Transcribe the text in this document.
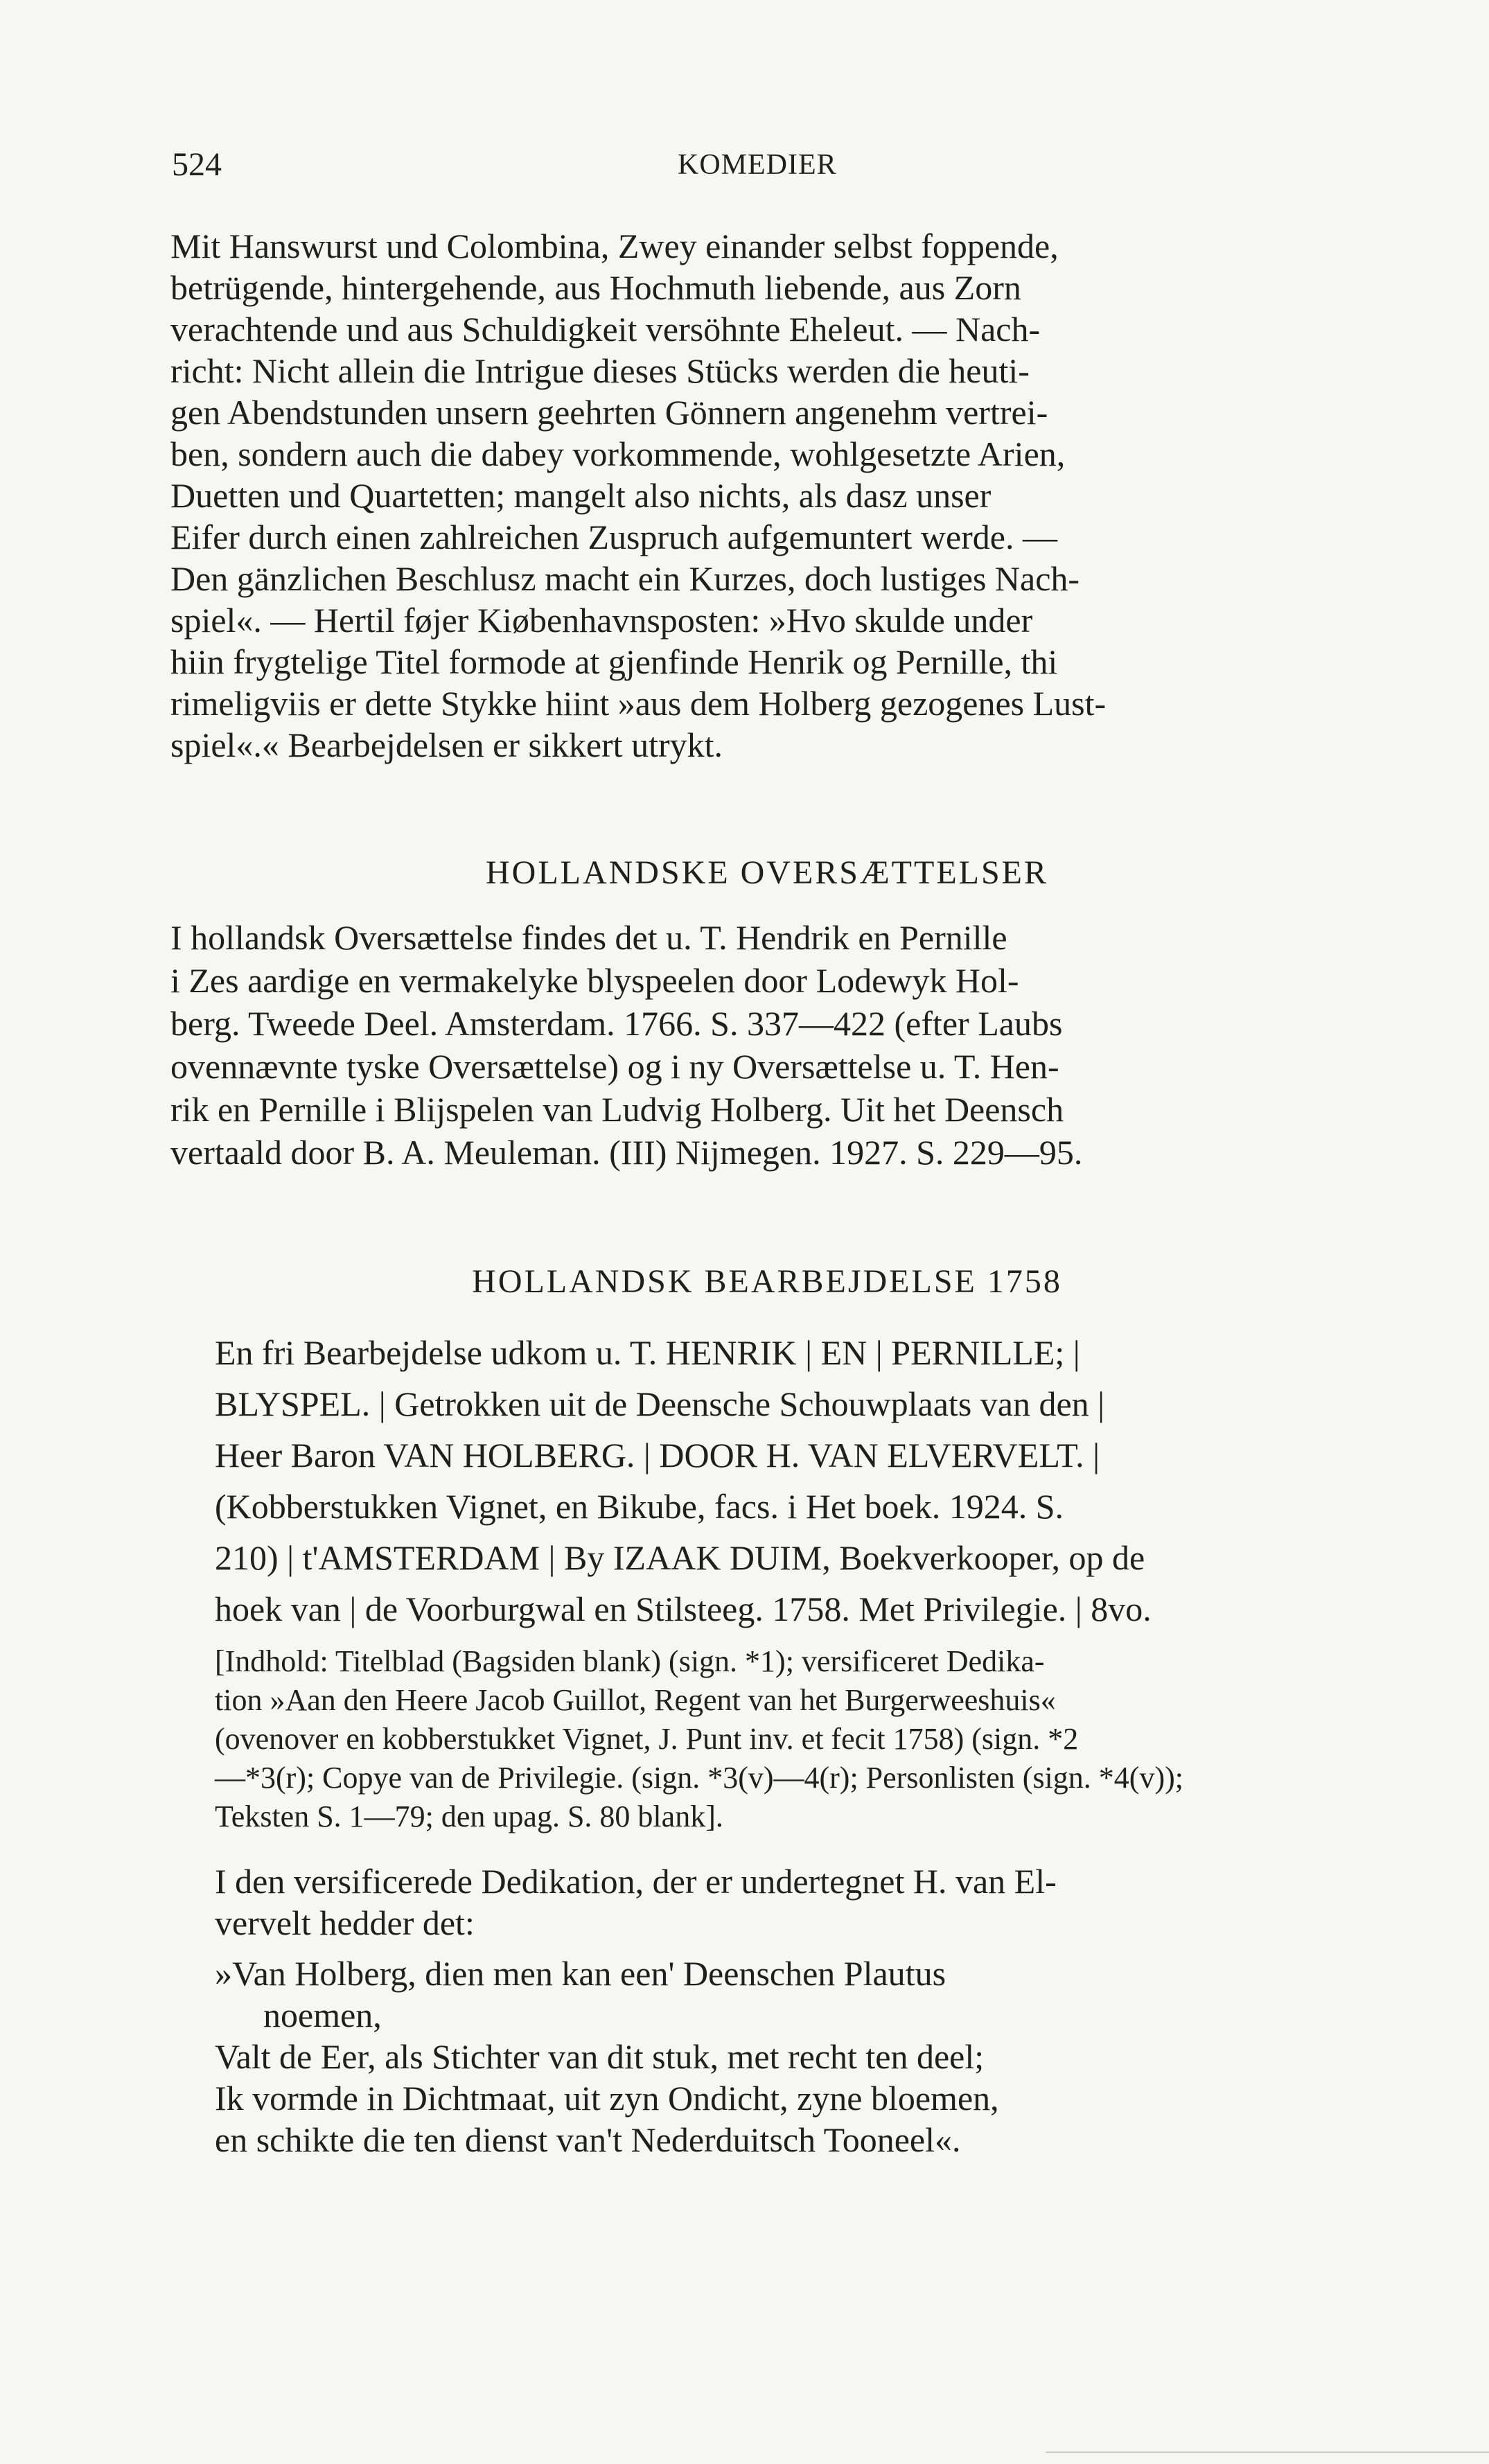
524	KOMEDIER

Mit Hanswurst und Colombina, Zwey einander selbst foppende,
betrügende, hintergehende, aus Hochmuth liebende, aus Zorn
verachtende und aus Schuldigkeit versöhnte Eheleut. — Nach-
richt: Nicht allein die Intrigue dieses Stücks werden die heuti-
gen Abendstunden unsern geehrten Gönnern angenehm vertrei-
ben, sondern auch die dabey vorkommende, wohlgesetzte Arien,
Duetten und Quartetten; mangelt also nichts, als dasz unser
Eifer durch einen zahlreichen Zuspruch aufgemuntert werde. —
Den gänzlichen Beschlusz macht ein Kurzes, doch lustiges Nach-
spiel«. — Hertil føjer Kiøbenhavnsposten: »Hvo skulde under
hiin frygtelige Titel formode at gjenfinde Henrik og Pernille, thi
rimeligviis er dette Stykke hiint »aus dem Holberg gezogenes Lust-
spiel«.« Bearbejdelsen er sikkert utrykt.

HOLLANDSKE OVERSÆTTELSER

I hollandsk Oversættelse findes det u. T. Hendrik en Pernille
i Zes aardige en vermakelyke blyspeelen door Lodewyk Hol-
berg. Tweede Deel. Amsterdam. 1766. S. 337—422 (efter Laubs
ovennævnte tyske Oversættelse) og i ny Oversættelse u. T. Hen-
rik en Pernille i Blijspelen van Ludvig Holberg. Uit het Deensch
vertaald door B. A. Meuleman. (III) Nijmegen. 1927. S. 229—95.

HOLLANDSK BEARBEJDELSE 1758

En fri Bearbejdelse udkom u. T. HENRIK | EN | PERNILLE; |
BLYSPEL. | Getrokken uit de Deensche Schouwplaats van den |
Heer Baron VAN HOLBERG. | DOOR H. VAN ELVERVELT. |
(Kobberstukken Vignet, en Bikube, facs. i Het boek. 1924. S.
210) | t'AMSTERDAM | By IZAAK DUIM, Boekverkooper, op de
hoek van | de Voorburgwal en Stilsteeg. 1758. Met Privilegie. | 8vo.

[Indhold: Titelblad (Bagsiden blank) (sign. *1); versificeret Dedika-
tion »Aan den Heere Jacob Guillot, Regent van het Burgerweeshuis«
(ovenover en kobberstukket Vignet, J. Punt inv. et fecit 1758) (sign. *2
—*3(r); Copye van de Privilegie. (sign. *3(v)—4(r); Personlisten (sign. *4(v));
Teksten S. 1—79; den upag. S. 80 blank].

I den versificerede Dedikation, der er undertegnet H. van El-
vervelt hedder det:

»Van Holberg, dien men kan een' Deenschen Plautus
noemen,
Valt de Eer, als Stichter van dit stuk, met recht ten deel;
Ik vormde in Dichtmaat, uit zyn Ondicht, zyne bloemen,
en schikte die ten dienst van't Nederduitsch Tooneel«.
